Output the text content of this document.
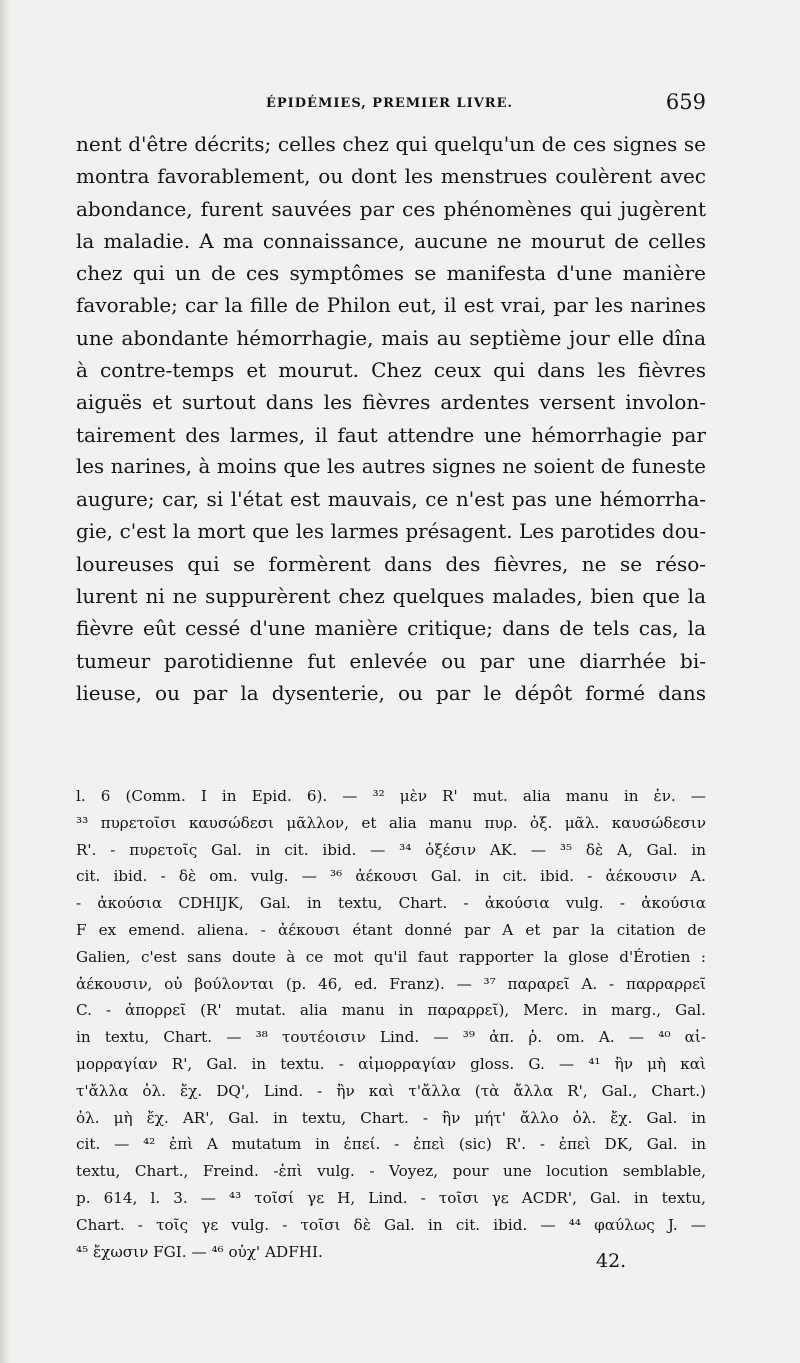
ÉPIDÉMIES, PREMIER LIVRE.	659
nent d'être décrits; celles chez qui quelqu'un de ces signes se
montra favorablement, ou dont les menstrues coulèrent avec
abondance, furent sauvées par ces phénomènes qui jugèrent
la maladie. A ma connaissance, aucune ne mourut de celles
chez qui un de ces symptômes se manifesta d'une manière
favorable; car la fille de Philon eut, il est vrai, par les narines
une abondante hémorrhagie, mais au septième jour elle dîna
à contre-temps et mourut. Chez ceux qui dans les fièvres
aiguës et surtout dans les fièvres ardentes versent involon-
tairement des larmes, il faut attendre une hémorrhagie par
les narines, à moins que les autres signes ne soient de funeste
augure; car, si l'état est mauvais, ce n'est pas une hémorrha-
gie, c'est la mort que les larmes présagent. Les parotides dou-
loureuses qui se formèrent dans des fièvres, ne se réso-
lurent ni ne suppurèrent chez quelques malades, bien que la
fièvre eût cessé d'une manière critique; dans de tels cas, la
tumeur parotidienne fut enlevée ou par une diarrhée bi-
lieuse, ou par la dysenterie, ou par le dépôt formé dans
l. 6 (Comm. I in Epid. 6). — ³² μὲν R' mut. alia manu in ἐν. —
³³ πυρετοῖσι καυσώδεσι μᾶλλον, et alia manu πυρ. ὀξ. μᾶλ. καυσώδεσιν
R'. - πυρετοῖς Gal. in cit. ibid. — ³⁴ ὀξέσιν AK. — ³⁵ δὲ A, Gal. in
cit. ibid. - δὲ om. vulg. — ³⁶ ἀέκουσι Gal. in cit. ibid. - ἀέκουσιν A.
- ἀκούσια CDHIJK, Gal. in textu, Chart. - ἀκούσια vulg. - ἀκούσια
F ex emend. aliena. - ἀέκουσι étant donné par A et par la citation de
Galien, c'est sans doute à ce mot qu'il faut rapporter la glose d'Érotien :
ἀέκουσιν, οὐ βούλονται (p. 46, ed. Franz). — ³⁷ παραρεῖ A. - παρραρρεῖ
C. - ἀπορρεῖ (R' mutat. alia manu in παραρρεῖ), Merc. in marg., Gal.
in textu, Chart. — ³⁸ τουτέοισιν Lind. — ³⁹ ἀπ. ῥ. om. A. — ⁴⁰ αἱ-
μορραγίαν R', Gal. in textu. - αἱμορραγίαν gloss. G. — ⁴¹ ἢν μὴ καὶ
τ'ἄλλα ὀλ. ἔχ. DQ', Lind. - ἢν καὶ τ'ἄλλα (τὰ ἄλλα R', Gal., Chart.)
ὀλ. μὴ ἔχ. AR', Gal. in textu, Chart. - ἢν μήτ' ἄλλο ὀλ. ἔχ. Gal. in
cit. — ⁴² ἐπὶ A mutatum in ἐπεί. - ἐπεὶ (sic) R'. - ἐπεὶ DK, Gal. in
textu, Chart., Freind. -ἐπὶ vulg. - Voyez, pour une locution semblable,
p. 614, l. 3. — ⁴³ τοῖσί γε H, Lind. - τοῖσι γε ACDR', Gal. in textu,
Chart. - τοῖς γε vulg. - τοῖσι δὲ Gal. in cit. ibid. — ⁴⁴ φαύλως J. —
⁴⁵ ἔχωσιν FGI. — ⁴⁶ οὐχ' ADFHI.	42.
